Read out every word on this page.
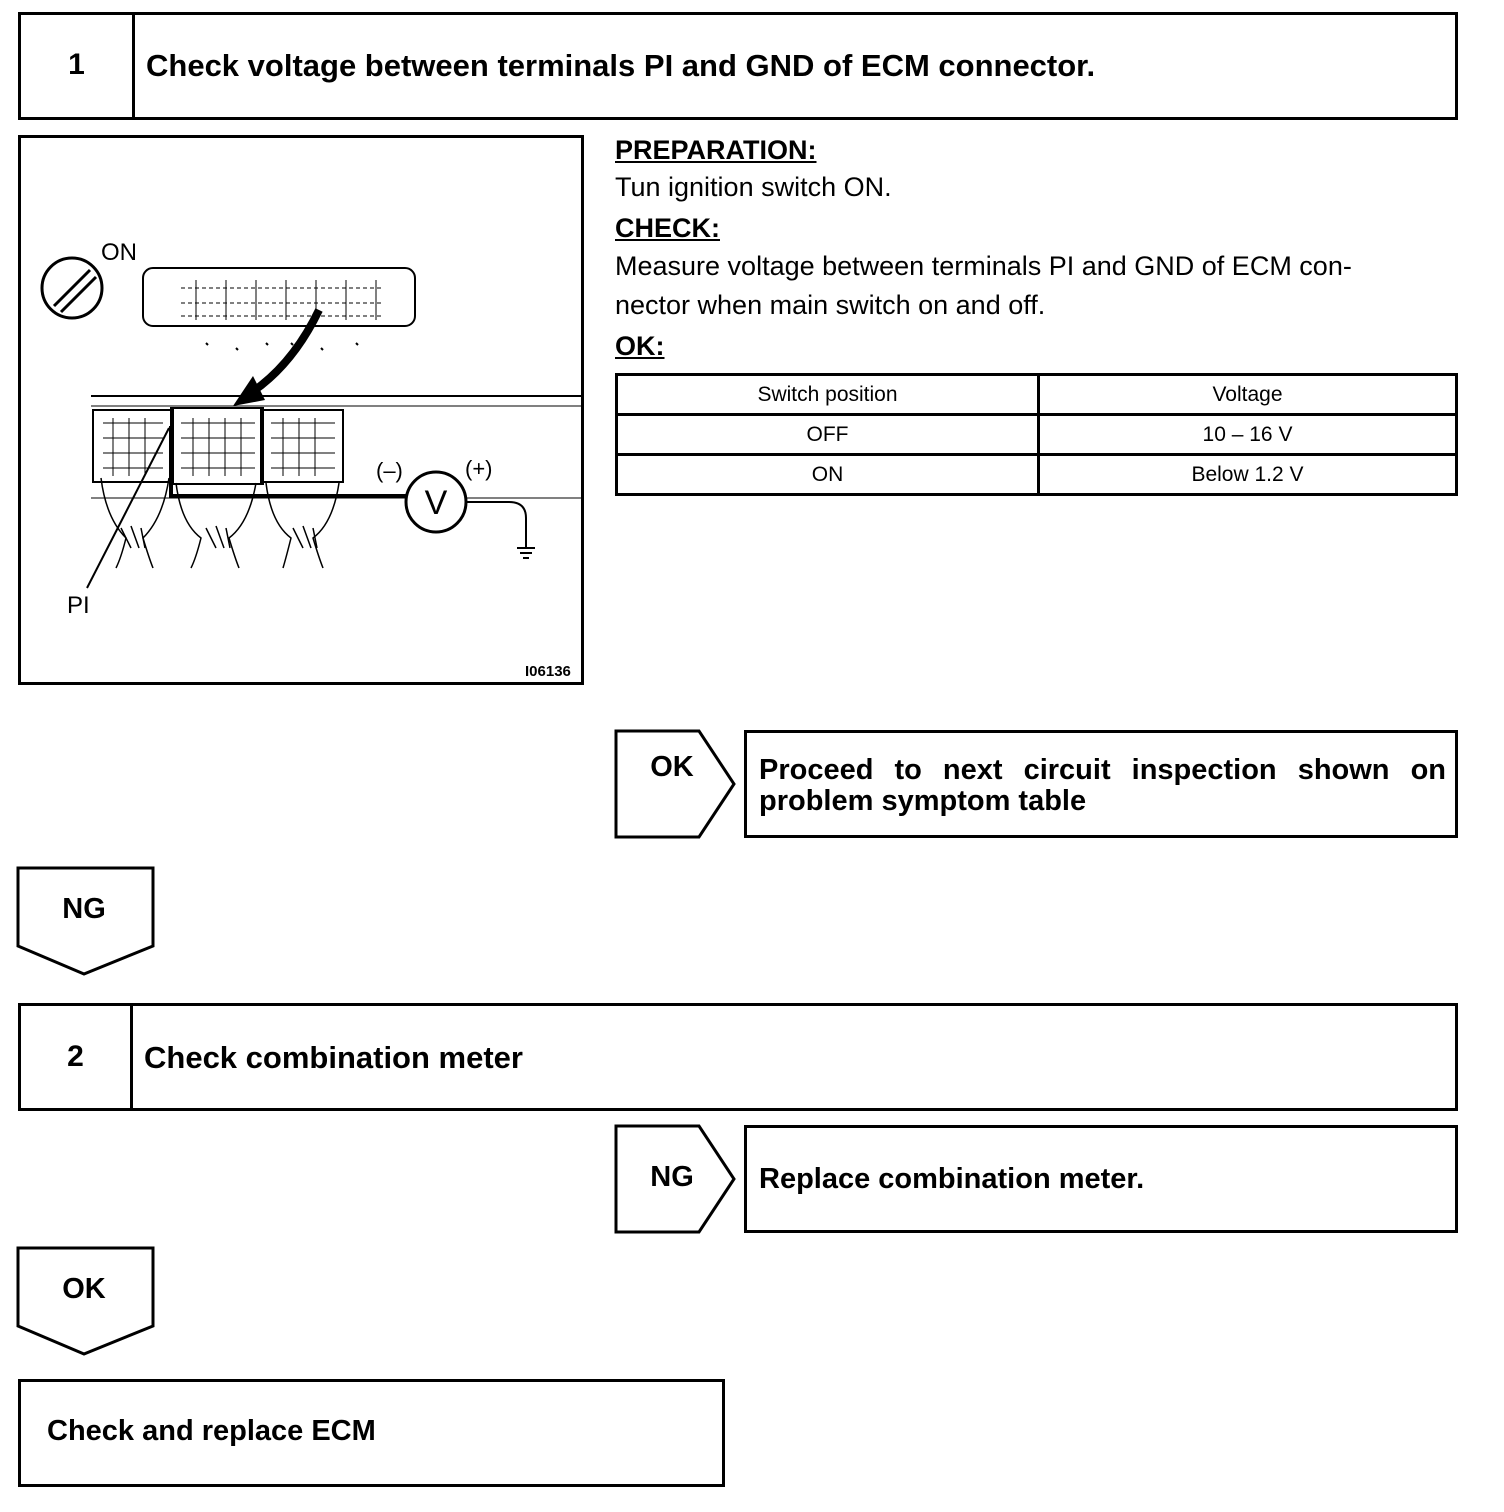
1	Check voltage between terminals PI and GND of ECM connector.
ON
PI
(–)	(+)
V
I06136
PREPARATION:
Tun ignition switch ON.
CHECK:
Measure voltage between terminals PI and GND of ECM con-
nector when main switch on and off.
OK:
Switch position	Voltage
OFF	10 – 16 V
ON	Below 1.2 V
OK	Proceed to next circuit inspection shown on
problem symptom table
NG
2	Check combination meter
NG	Replace combination meter.
OK
Check and replace ECM
